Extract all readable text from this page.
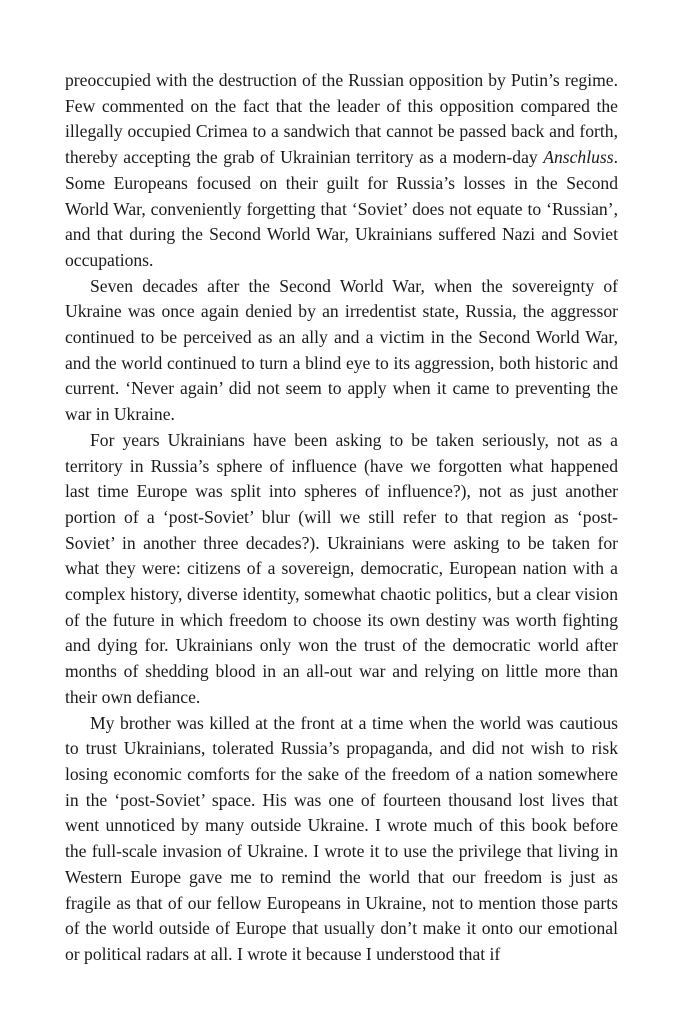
preoccupied with the destruction of the Russian opposition by Putin’s regime. Few commented on the fact that the leader of this opposition compared the illegally occupied Crimea to a sandwich that cannot be passed back and forth, thereby accepting the grab of Ukrainian territory as a modern-day Anschluss. Some Europeans focused on their guilt for Russia’s losses in the Second World War, conveniently forgetting that ‘Soviet’ does not equate to ‘Russian’, and that during the Second World War, Ukrainians suffered Nazi and Soviet occupations.

Seven decades after the Second World War, when the sovereignty of Ukraine was once again denied by an irredentist state, Russia, the aggressor continued to be perceived as an ally and a victim in the Second World War, and the world continued to turn a blind eye to its aggression, both historic and current. ‘Never again’ did not seem to apply when it came to preventing the war in Ukraine.

For years Ukrainians have been asking to be taken seriously, not as a territory in Russia’s sphere of influence (have we forgotten what happened last time Europe was split into spheres of influence?), not as just another portion of a ‘post-Soviet’ blur (will we still refer to that region as ‘post-Soviet’ in another three decades?). Ukrainians were asking to be taken for what they were: citizens of a sovereign, democratic, European nation with a complex history, diverse identity, somewhat chaotic politics, but a clear vision of the future in which freedom to choose its own destiny was worth fighting and dying for. Ukrainians only won the trust of the democratic world after months of shedding blood in an all-out war and relying on little more than their own defiance.

My brother was killed at the front at a time when the world was cautious to trust Ukrainians, tolerated Russia’s propaganda, and did not wish to risk losing economic comforts for the sake of the freedom of a nation somewhere in the ‘post-Soviet’ space. His was one of fourteen thousand lost lives that went unnoticed by many outside Ukraine. I wrote much of this book before the full-scale invasion of Ukraine. I wrote it to use the privilege that living in Western Europe gave me to remind the world that our freedom is just as fragile as that of our fellow Europeans in Ukraine, not to mention those parts of the world outside of Europe that usually don’t make it onto our emotional or political radars at all. I wrote it because I understood that if
